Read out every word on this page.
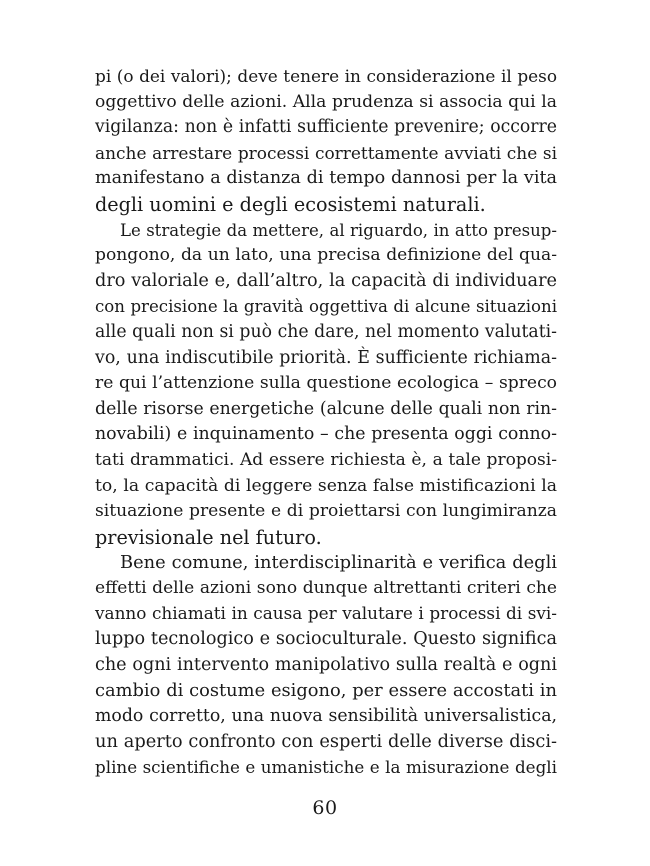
pi (o dei valori); deve tenere in considerazione il peso
oggettivo delle azioni. Alla prudenza si associa qui la
vigilanza: non è infatti sufficiente prevenire; occorre
anche arrestare processi correttamente avviati che si
manifestano a distanza di tempo dannosi per la vita
degli uomini e degli ecosistemi naturali.

Le strategie da mettere, al riguardo, in atto presup-
pongono, da un lato, una precisa definizione del qua-
dro valoriale e, dall’altro, la capacità di individuare
con precisione la gravità oggettiva di alcune situazioni
alle quali non si può che dare, nel momento valutati-
vo, una indiscutibile priorità. È sufficiente richiama-
re qui l’attenzione sulla questione ecologica – spreco
delle risorse energetiche (alcune delle quali non rin-
novabili) e inquinamento – che presenta oggi conno-
tati drammatici. Ad essere richiesta è, a tale proposi-
to, la capacità di leggere senza false mistificazioni la
situazione presente e di proiettarsi con lungimiranza
previsionale nel futuro.

Bene comune, interdisciplinarità e verifica degli
effetti delle azioni sono dunque altrettanti criteri che
vanno chiamati in causa per valutare i processi di svi-
luppo tecnologico e socioculturale. Questo significa
che ogni intervento manipolativo sulla realtà e ogni
cambio di costume esigono, per essere accostati in
modo corretto, una nuova sensibilità universalistica,
un aperto confronto con esperti delle diverse disci-
pline scientifiche e umanistiche e la misurazione degli

60
